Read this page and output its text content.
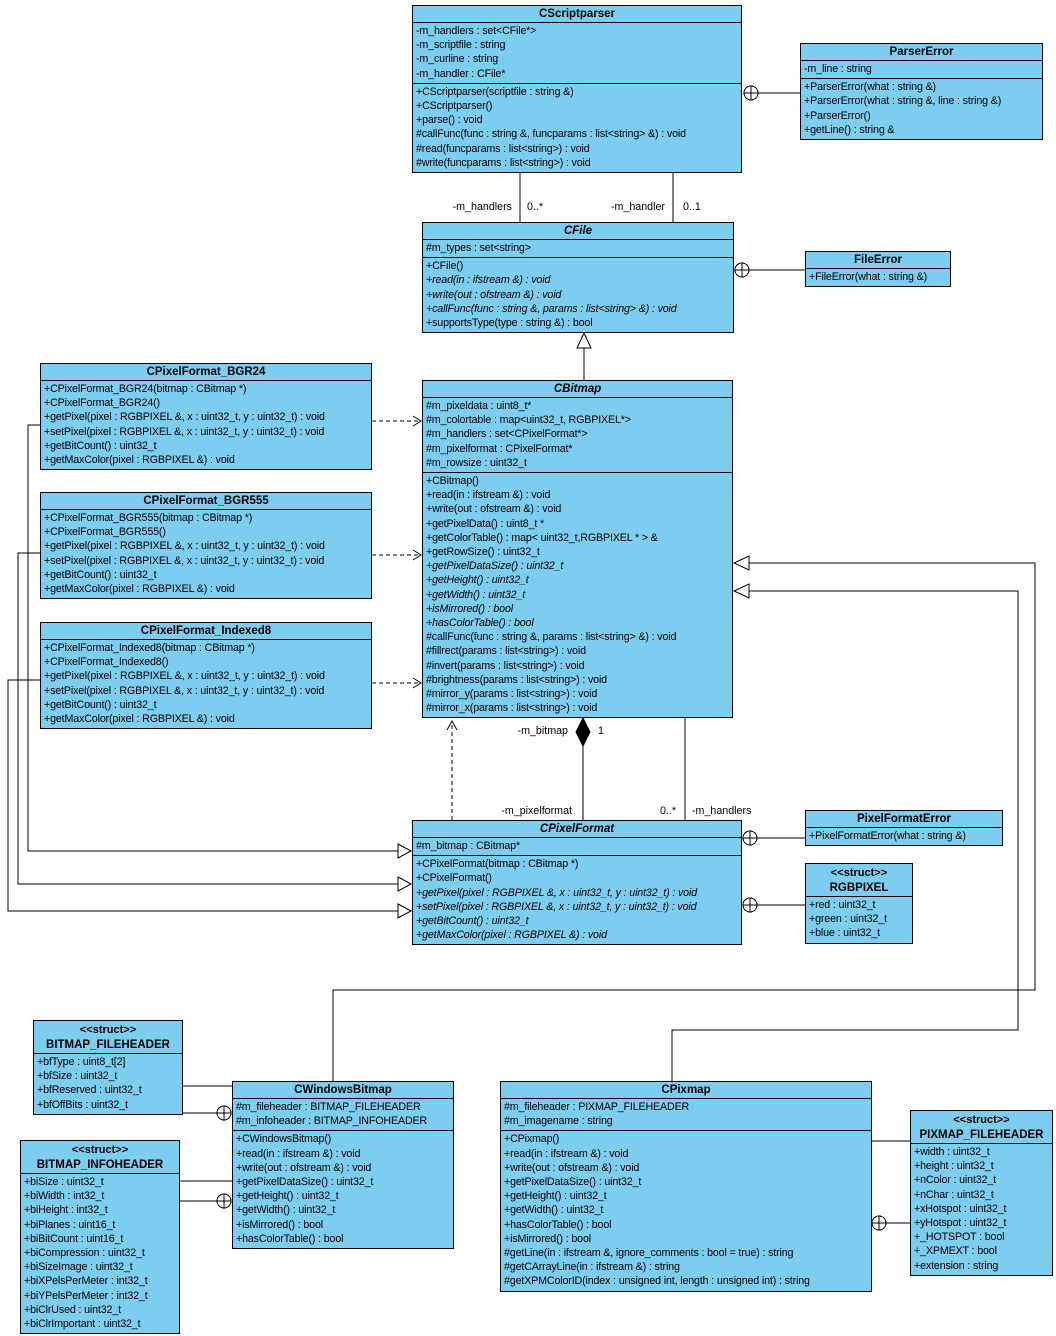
CScriptparser
-m_handlers : set<CFile*>
-m_scriptfile : string
-m_curline : string
-m_handler : CFile*
+CScriptparser(scriptfile : string &)
+CScriptparser()
+parse() : void
#callFunc(func : string &, funcparams : list<string> &) : void
#read(funcparams : list<string>) : void
#write(funcparams : list<string>) : void
ParserError
-m_line : string
+ParserError(what : string &)
+ParserError(what : string &, line : string &)
+ParserError()
+getLine() : string &
CFile
#m_types : set<string>
+CFile()
+read(in : ifstream &) : void
+write(out : ofstream &) : void
+callFunc(func : string &, params : list<string> &) : void
+supportsType(type : string &) : bool
FileError
+FileError(what : string &)
CPixelFormat_BGR24
+CPixelFormat_BGR24(bitmap : CBitmap *)
+CPixelFormat_BGR24()
+getPixel(pixel : RGBPIXEL &, x : uint32_t, y : uint32_t) : void
+setPixel(pixel : RGBPIXEL &, x : uint32_t, y : uint32_t) : void
+getBitCount() : uint32_t
+getMaxColor(pixel : RGBPIXEL &) : void
CPixelFormat_BGR555
+CPixelFormat_BGR555(bitmap : CBitmap *)
+CPixelFormat_BGR555()
+getPixel(pixel : RGBPIXEL &, x : uint32_t, y : uint32_t) : void
+setPixel(pixel : RGBPIXEL &, x : uint32_t, y : uint32_t) : void
+getBitCount() : uint32_t
+getMaxColor(pixel : RGBPIXEL &) : void
CPixelFormat_Indexed8
+CPixelFormat_Indexed8(bitmap : CBitmap *)
+CPixelFormat_Indexed8()
+getPixel(pixel : RGBPIXEL &, x : uint32_t, y : uint32_t) : void
+setPixel(pixel : RGBPIXEL &, x : uint32_t, y : uint32_t) : void
+getBitCount() : uint32_t
+getMaxColor(pixel : RGBPIXEL &) : void
CBitmap
#m_pixeldata : uint8_t*
#m_colortable : map<uint32_t, RGBPIXEL*>
#m_handlers : set<CPixelFormat*>
#m_pixelformat : CPixelFormat*
#m_rowsize : uint32_t
+CBitmap()
+read(in : ifstream &) : void
+write(out : ofstream &) : void
+getPixelData() : uint8_t *
+getColorTable() : map< uint32_t,RGBPIXEL * > &
+getRowSize() : uint32_t
+getPixelDataSize() : uint32_t
+getHeight() : uint32_t
+getWidth() : uint32_t
+isMirrored() : bool
+hasColorTable() : bool
#callFunc(func : string &, params : list<string> &) : void
#fillrect(params : list<string>) : void
#invert(params : list<string>) : void
#brightness(params : list<string>) : void
#mirror_y(params : list<string>) : void
#mirror_x(params : list<string>) : void
PixelFormatError
+PixelFormatError(what : string &)
<<struct>>
RGBPIXEL
+red : uint32_t
+green : uint32_t
+blue : uint32_t
CPixelFormat
#m_bitmap : CBitmap*
+CPixelFormat(bitmap : CBitmap *)
+CPixelFormat()
+getPixel(pixel : RGBPIXEL &, x : uint32_t, y : uint32_t) : void
+setPixel(pixel : RGBPIXEL &, x : uint32_t, y : uint32_t) : void
+getBitCount() : uint32_t
+getMaxColor(pixel : RGBPIXEL &) : void
<<struct>>
BITMAP_FILEHEADER
+bfType : uint8_t[2]
+bfSize : uint32_t
+bfReserved : uint32_t
+bfOffBits : uint32_t
<<struct>>
BITMAP_INFOHEADER
+biSize : uint32_t
+biWidth : int32_t
+biHeight : int32_t
+biPlanes : uint16_t
+biBitCount : uint16_t
+biCompression : uint32_t
+biSizeImage : uint32_t
+biXPelsPerMeter : int32_t
+biYPelsPerMeter : int32_t
+biClrUsed : uint32_t
+biClrImportant : uint32_t
CWindowsBitmap
#m_fileheader : BITMAP_FILEHEADER
#m_infoheader : BITMAP_INFOHEADER
+CWindowsBitmap()
+read(in : ifstream &) : void
+write(out : ofstream &) : void
+getPixelDataSize() : uint32_t
+getHeight() : uint32_t
+getWidth() : uint32_t
+isMirrored() : bool
+hasColorTable() : bool
CPixmap
#m_fileheader : PIXMAP_FILEHEADER
#m_imagename : string
+CPixmap()
+read(in : ifstream &) : void
+write(out : ofstream &) : void
+getPixelDataSize() : uint32_t
+getHeight() : uint32_t
+getWidth() : uint32_t
+hasColorTable() : bool
+isMirrored() : bool
#getLine(in : ifstream &, ignore_comments : bool = true) : string
#getCArrayLine(in : ifstream &) : string
#getXPMColorID(index : unsigned int, length : unsigned int) : string
<<struct>>
PIXMAP_FILEHEADER
+width : uint32_t
+height : uint32_t
+nColor : uint32_t
+nChar : uint32_t
+xHotspot : uint32_t
+yHotspot : uint32_t
+_HOTSPOT : bool
+_XPMEXT : bool
+extension : string
-m_handlers 0..*	-m_handler 0..1
-m_bitmap	1
-m_pixelformat	0..* -m_handlers
